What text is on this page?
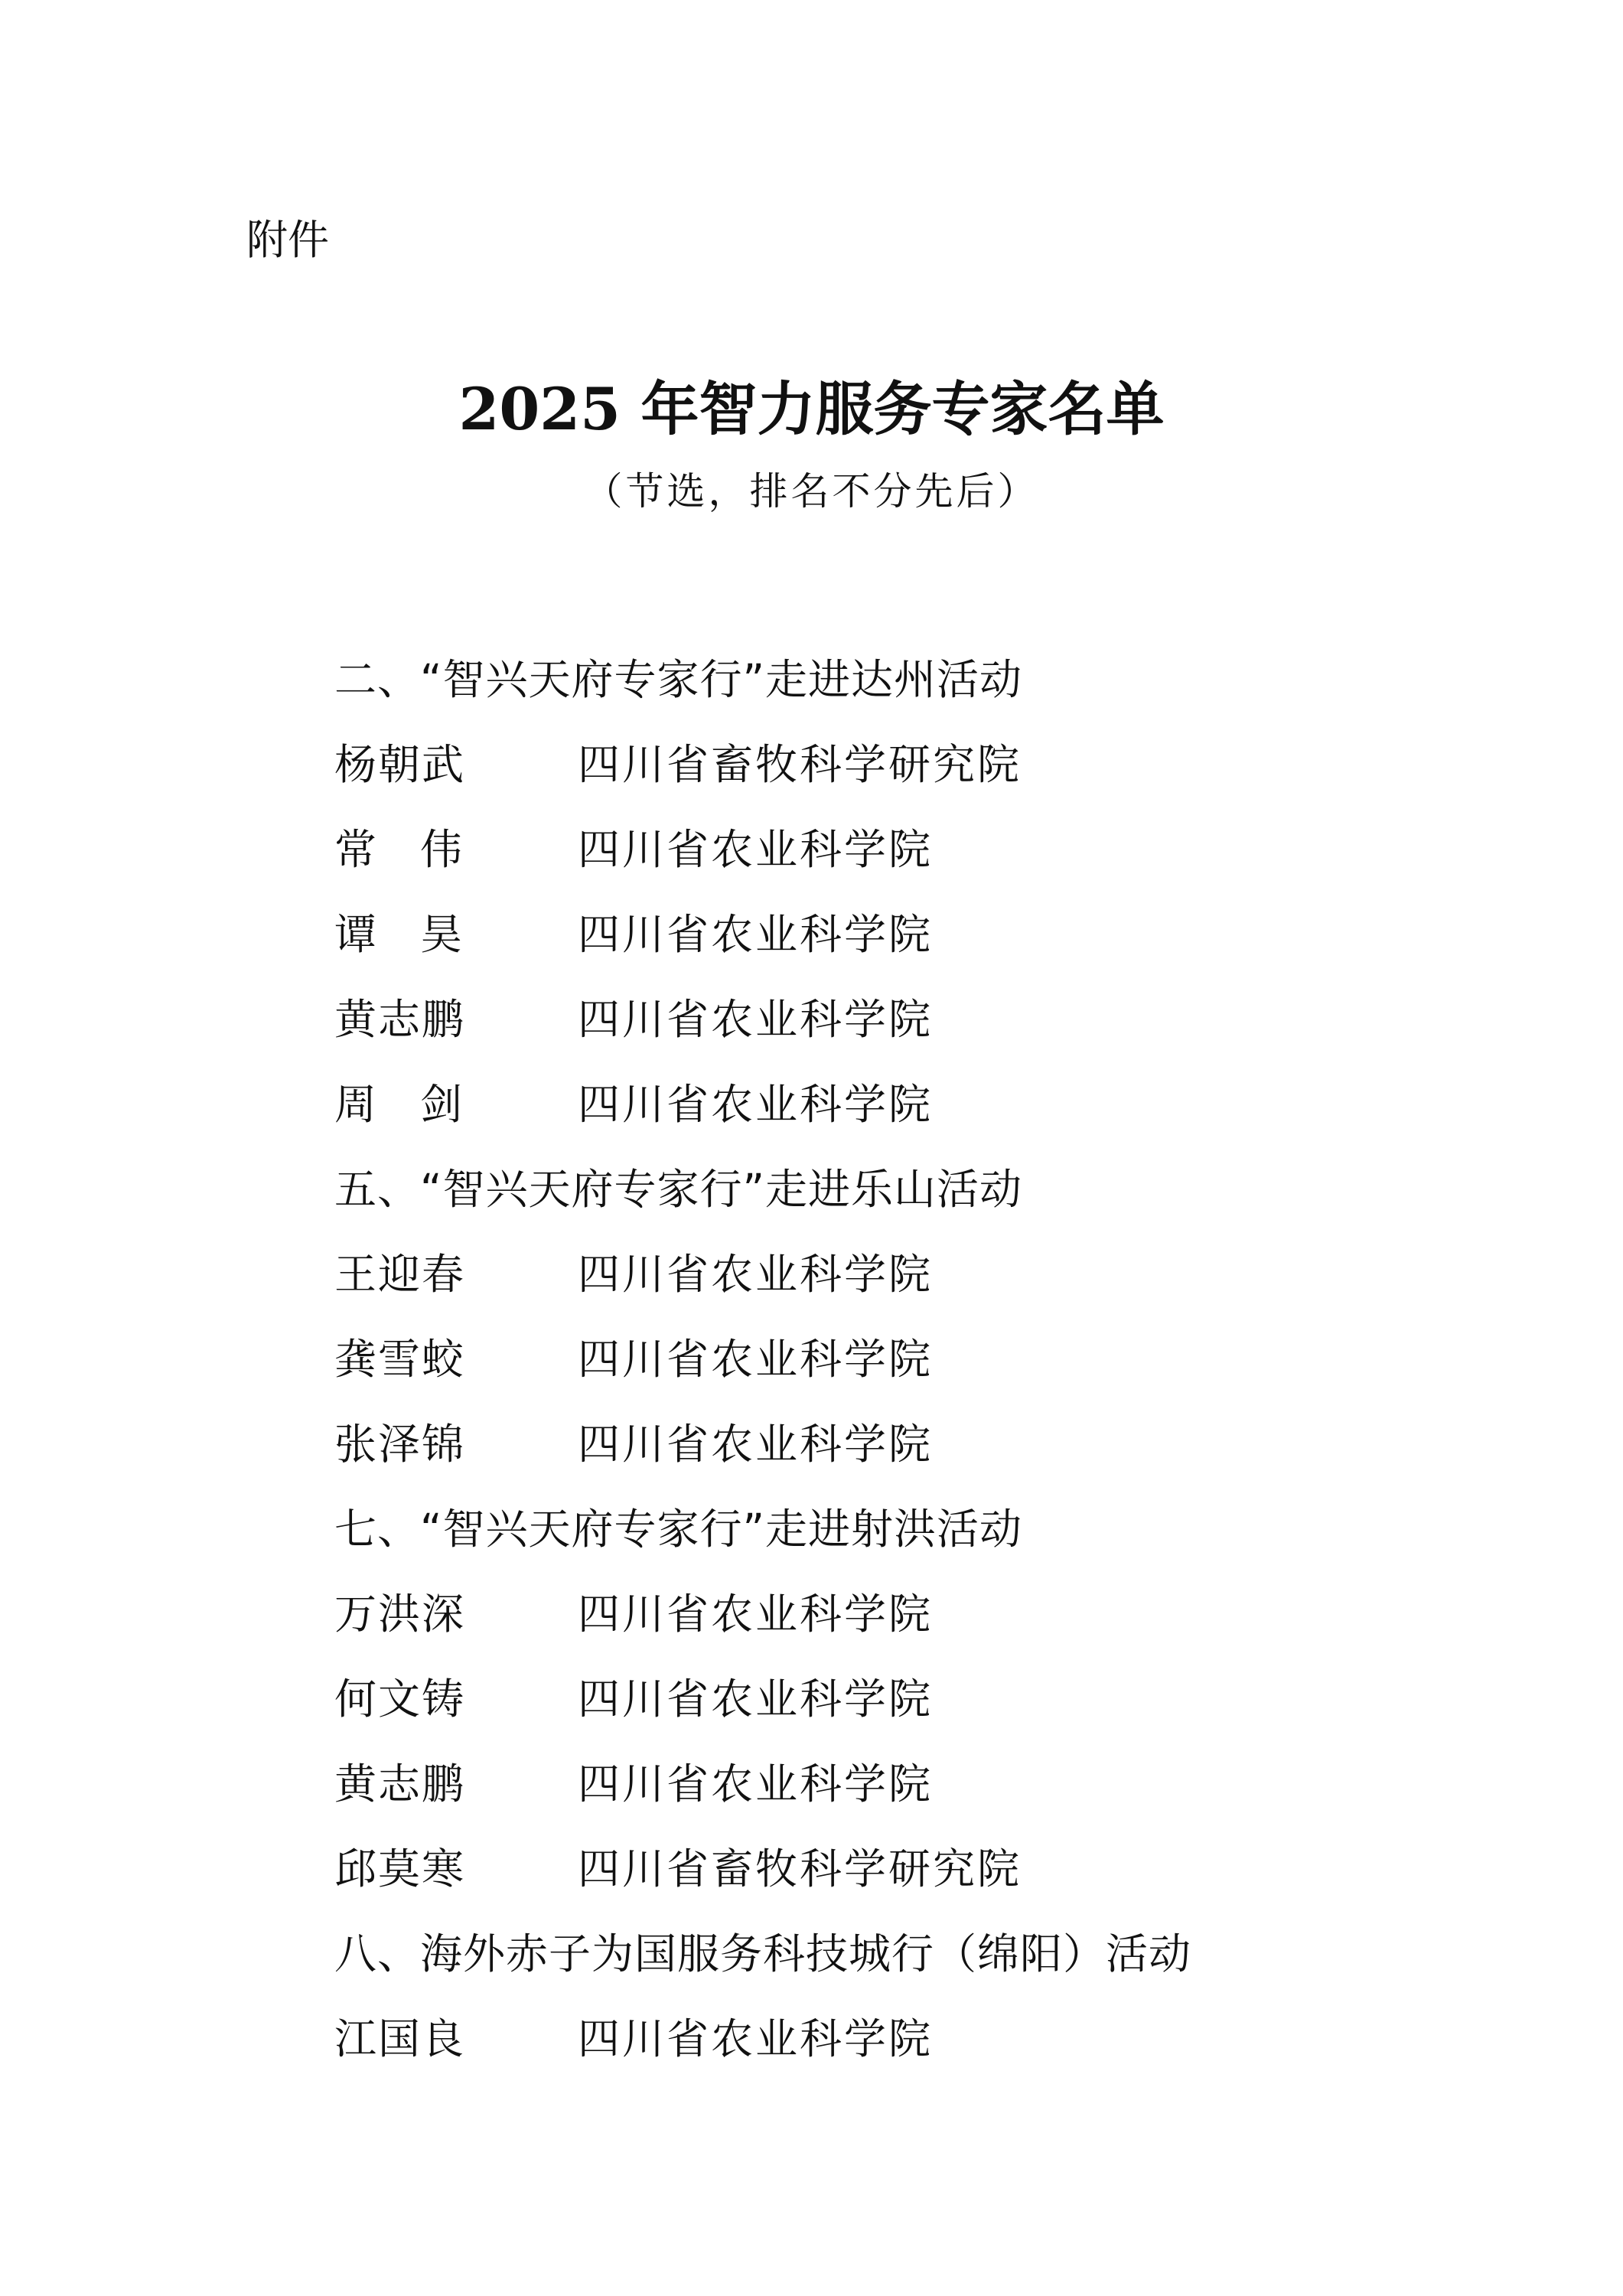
附件
2025 年智力服务专家名单
（节选，排名不分先后）
二、“智兴天府专家行”走进达州活动
杨朝武	四川省畜牧科学研究院
常伟	四川省农业科学院
谭昊	四川省农业科学院
黄志鹏	四川省农业科学院
周剑	四川省农业科学院
五、“智兴天府专家行”走进乐山活动
王迎春	四川省农业科学院
龚雪蛟	四川省农业科学院
张泽锦	四川省农业科学院
七、“智兴天府专家行”走进射洪活动
万洪深	四川省农业科学院
何文铸	四川省农业科学院
黄志鹏	四川省农业科学院
邱莫寒	四川省畜牧科学研究院
八、海外赤子为国服务科技城行（绵阳）活动
江国良	四川省农业科学院
